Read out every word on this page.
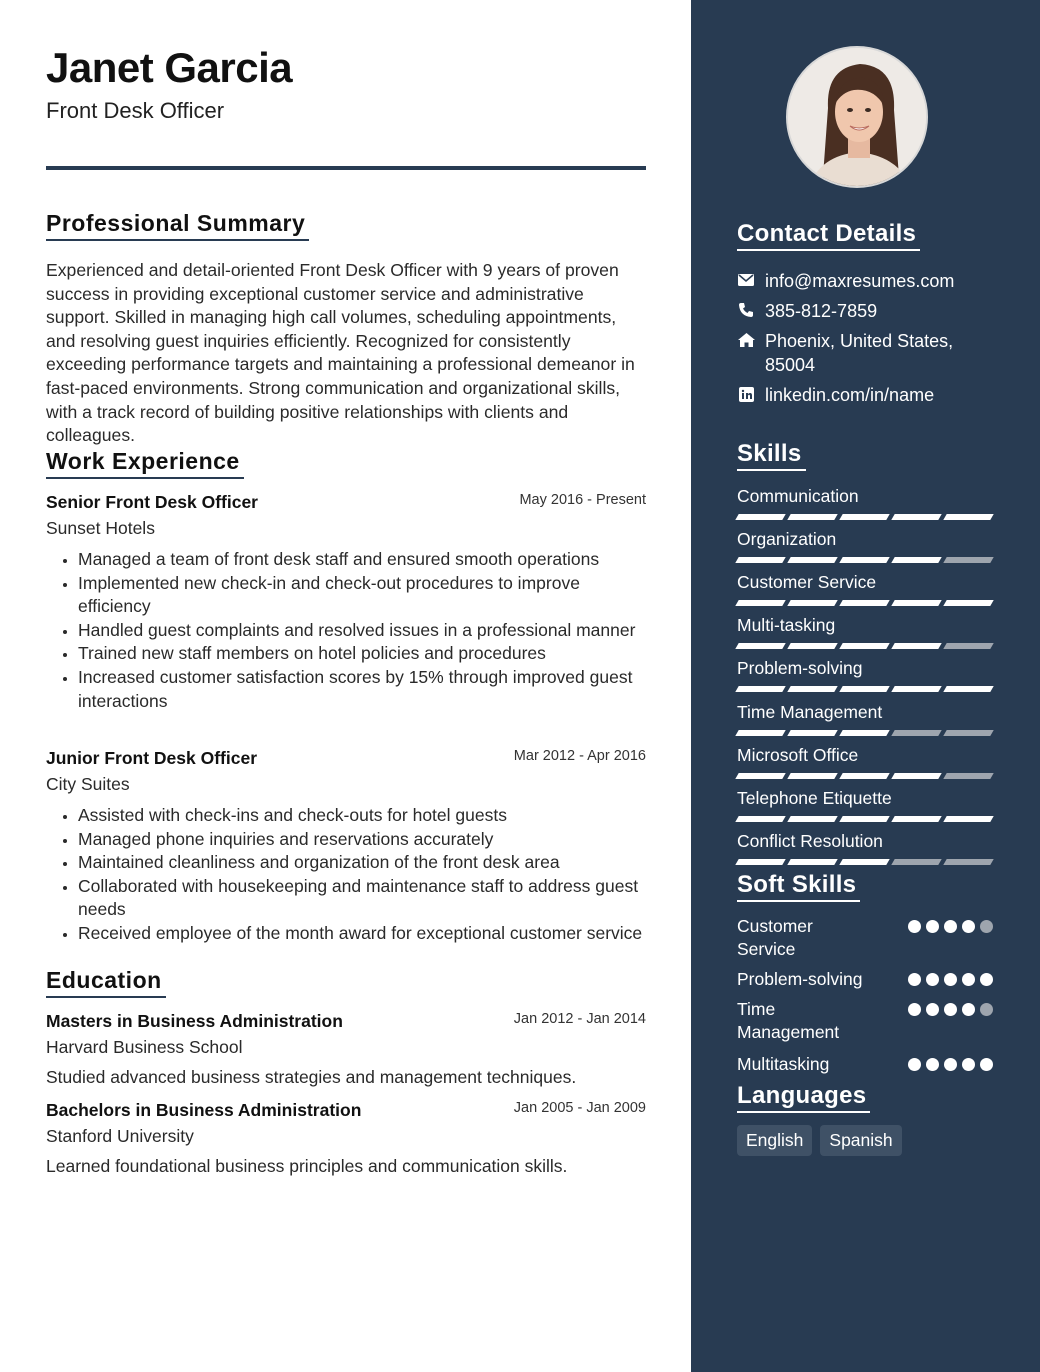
Janet Garcia
Front Desk Officer
Professional Summary
Experienced and detail-oriented Front Desk Officer with 9 years of proven success in providing exceptional customer service and administrative support. Skilled in managing high call volumes, scheduling appointments, and resolving guest inquiries efficiently. Recognized for consistently exceeding performance targets and maintaining a professional demeanor in fast-paced environments. Strong communication and organizational skills, with a track record of building positive relationships with clients and colleagues.
Work Experience
Senior Front Desk Officer	May 2016 - Present
Sunset Hotels
• Managed a team of front desk staff and ensured smooth operations
• Implemented new check-in and check-out procedures to improve efficiency
• Handled guest complaints and resolved issues in a professional manner
• Trained new staff members on hotel policies and procedures
• Increased customer satisfaction scores by 15% through improved guest interactions
Junior Front Desk Officer	Mar 2012 - Apr 2016
City Suites
• Assisted with check-ins and check-outs for hotel guests
• Managed phone inquiries and reservations accurately
• Maintained cleanliness and organization of the front desk area
• Collaborated with housekeeping and maintenance staff to address guest needs
• Received employee of the month award for exceptional customer service
Education
Masters in Business Administration	Jan 2012 - Jan 2014
Harvard Business School
Studied advanced business strategies and management techniques.
Bachelors in Business Administration	Jan 2005 - Jan 2009
Stanford University
Learned foundational business principles and communication skills.
Contact Details
info@maxresumes.com
385-812-7859
Phoenix, United States,
85004
linkedin.com/in/name
Skills
Communication
Organization
Customer Service
Multi-tasking
Problem-solving
Time Management
Microsoft Office
Telephone Etiquette
Conflict Resolution
Soft Skills
Customer
Service
Problem-solving
Time
Management
Multitasking
Languages
English	Spanish
